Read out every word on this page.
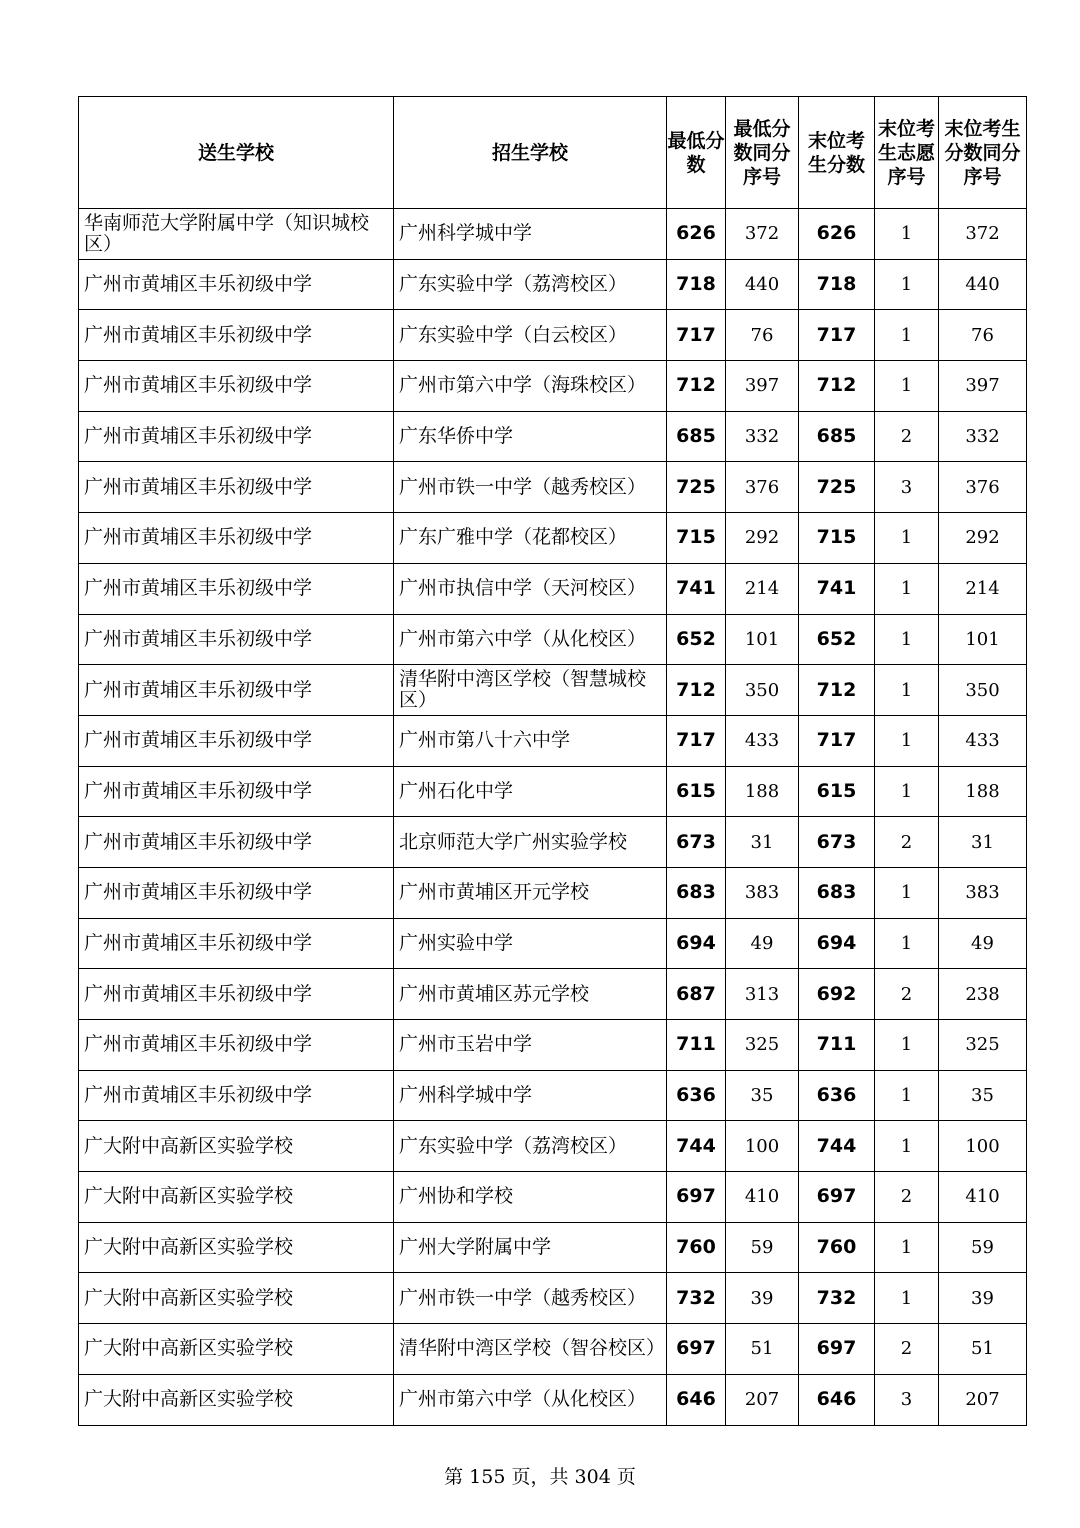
送生学校	招生学校	最低分数	最低分数同分序号	末位考生分数	末位考生志愿序号	末位考生分数同分序号
华南师范大学附属中学（知识城校区）	广州科学城中学	626	372	626	1	372
广州市黄埔区丰乐初级中学	广东实验中学（荔湾校区）	718	440	718	1	440
广州市黄埔区丰乐初级中学	广东实验中学（白云校区）	717	76	717	1	76
广州市黄埔区丰乐初级中学	广州市第六中学（海珠校区）	712	397	712	1	397
广州市黄埔区丰乐初级中学	广东华侨中学	685	332	685	2	332
广州市黄埔区丰乐初级中学	广州市铁一中学（越秀校区）	725	376	725	3	376
广州市黄埔区丰乐初级中学	广东广雅中学（花都校区）	715	292	715	1	292
广州市黄埔区丰乐初级中学	广州市执信中学（天河校区）	741	214	741	1	214
广州市黄埔区丰乐初级中学	广州市第六中学（从化校区）	652	101	652	1	101
广州市黄埔区丰乐初级中学	清华附中湾区学校（智慧城校区）	712	350	712	1	350
广州市黄埔区丰乐初级中学	广州市第八十六中学	717	433	717	1	433
广州市黄埔区丰乐初级中学	广州石化中学	615	188	615	1	188
广州市黄埔区丰乐初级中学	北京师范大学广州实验学校	673	31	673	2	31
广州市黄埔区丰乐初级中学	广州市黄埔区开元学校	683	383	683	1	383
广州市黄埔区丰乐初级中学	广州实验中学	694	49	694	1	49
广州市黄埔区丰乐初级中学	广州市黄埔区苏元学校	687	313	692	2	238
广州市黄埔区丰乐初级中学	广州市玉岩中学	711	325	711	1	325
广州市黄埔区丰乐初级中学	广州科学城中学	636	35	636	1	35
广大附中高新区实验学校	广东实验中学（荔湾校区）	744	100	744	1	100
广大附中高新区实验学校	广州协和学校	697	410	697	2	410
广大附中高新区实验学校	广州大学附属中学	760	59	760	1	59
广大附中高新区实验学校	广州市铁一中学（越秀校区）	732	39	732	1	39
广大附中高新区实验学校	清华附中湾区学校（智谷校区）	697	51	697	2	51
广大附中高新区实验学校	广州市第六中学（从化校区）	646	207	646	3	207
第 155 页，共 304 页
